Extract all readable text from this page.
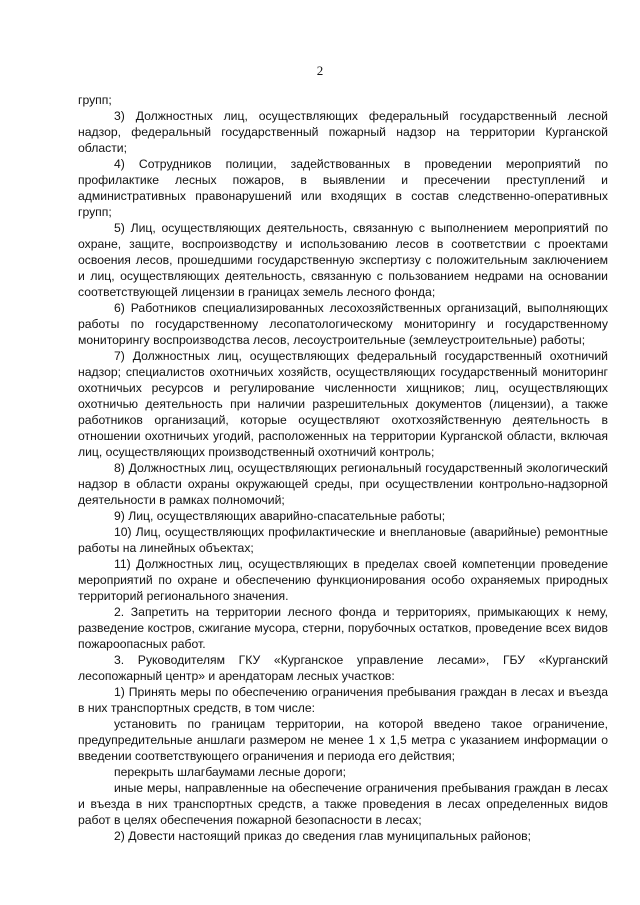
2

групп;

3) Должностных лиц, осуществляющих федеральный государственный лесной надзор, федеральный государственный пожарный надзор на территории Курганской области;

4) Сотрудников полиции, задействованных в проведении мероприятий по профилактике лесных пожаров, в выявлении и пресечении преступлений и административных правонарушений или входящих в состав следственно-оперативных групп;

5) Лиц, осуществляющих деятельность, связанную с выполнением мероприятий по охране, защите, воспроизводству и использованию лесов в соответствии с проектами освоения лесов, прошедшими государственную экспертизу с положительным заключением и лиц, осуществляющих деятельность, связанную с пользованием недрами на основании соответствующей лицензии в границах земель лесного фонда;

6) Работников специализированных лесохозяйственных организаций, выполняющих работы по государственному лесопатологическому мониторингу и государственному мониторингу воспроизводства лесов, лесоустроительные (землеустроительные) работы;

7) Должностных лиц, осуществляющих федеральный государственный охотничий надзор; специалистов охотничьих хозяйств, осуществляющих государственный мониторинг охотничьих ресурсов и регулирование численности хищников; лиц, осуществляющих охотничью деятельность при наличии разрешительных документов (лицензии), а также работников организаций, которые осуществляют охотхозяйственную деятельность в отношении охотничьих угодий, расположенных на территории Курганской области, включая лиц, осуществляющих производственный охотничий контроль;

8) Должностных лиц, осуществляющих региональный государственный экологический надзор в области охраны окружающей среды, при осуществлении контрольно-надзорной деятельности в рамках полномочий;

9) Лиц, осуществляющих аварийно-спасательные работы;

10) Лиц, осуществляющих профилактические и внеплановые (аварийные) ремонтные работы на линейных объектах;

11) Должностных лиц, осуществляющих в пределах своей компетенции проведение мероприятий по охране и обеспечению функционирования особо охраняемых природных территорий регионального значения.

2. Запретить на территории лесного фонда и территориях, примыкающих к нему, разведение костров, сжигание мусора, стерни, порубочных остатков, проведение всех видов пожароопасных работ.

3. Руководителям ГКУ «Курганское управление лесами», ГБУ «Курганский лесопожарный центр» и арендаторам лесных участков:

1) Принять меры по обеспечению ограничения пребывания граждан в лесах и въезда в них транспортных средств, в том числе:

установить по границам территории, на которой введено такое ограничение, предупредительные аншлаги размером не менее 1 х 1,5 метра с указанием информации о введении соответствующего ограничения и периода его действия;

перекрыть шлагбаумами лесные дороги;

иные меры, направленные на обеспечение ограничения пребывания граждан в лесах и въезда в них транспортных средств, а также проведения в лесах определенных видов работ в целях обеспечения пожарной безопасности в лесах;

2) Довести настоящий приказ до сведения глав муниципальных районов;
